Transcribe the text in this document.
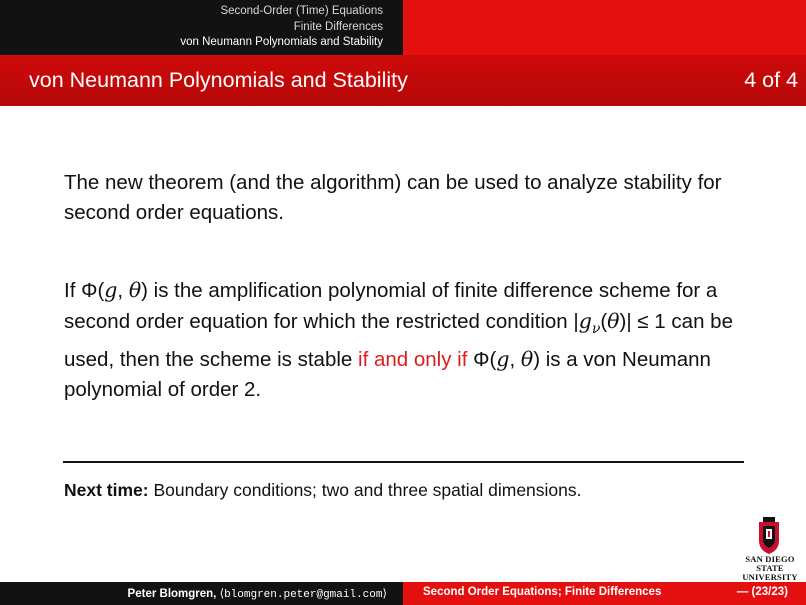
Second-Order (Time) Equations
Finite Differences
von Neumann Polynomials and Stability
von Neumann Polynomials and Stability	4 of 4
The new theorem (and the algorithm) can be used to analyze stability for second order equations.
If Φ(g, θ) is the amplification polynomial of finite difference scheme for a second order equation for which the restricted condition $|g_\nu(\theta)| \le 1$ can be used, then the scheme is stable if and only if Φ(g, θ) is a von Neumann polynomial of order 2.
Next time: Boundary conditions; two and three spatial dimensions.
SAN DIEGO STATE
UNIVERSITY
Peter Blomgren, ⟨blomgren.peter@gmail.com⟩	Second Order Equations; Finite Differences	— (23/23)
